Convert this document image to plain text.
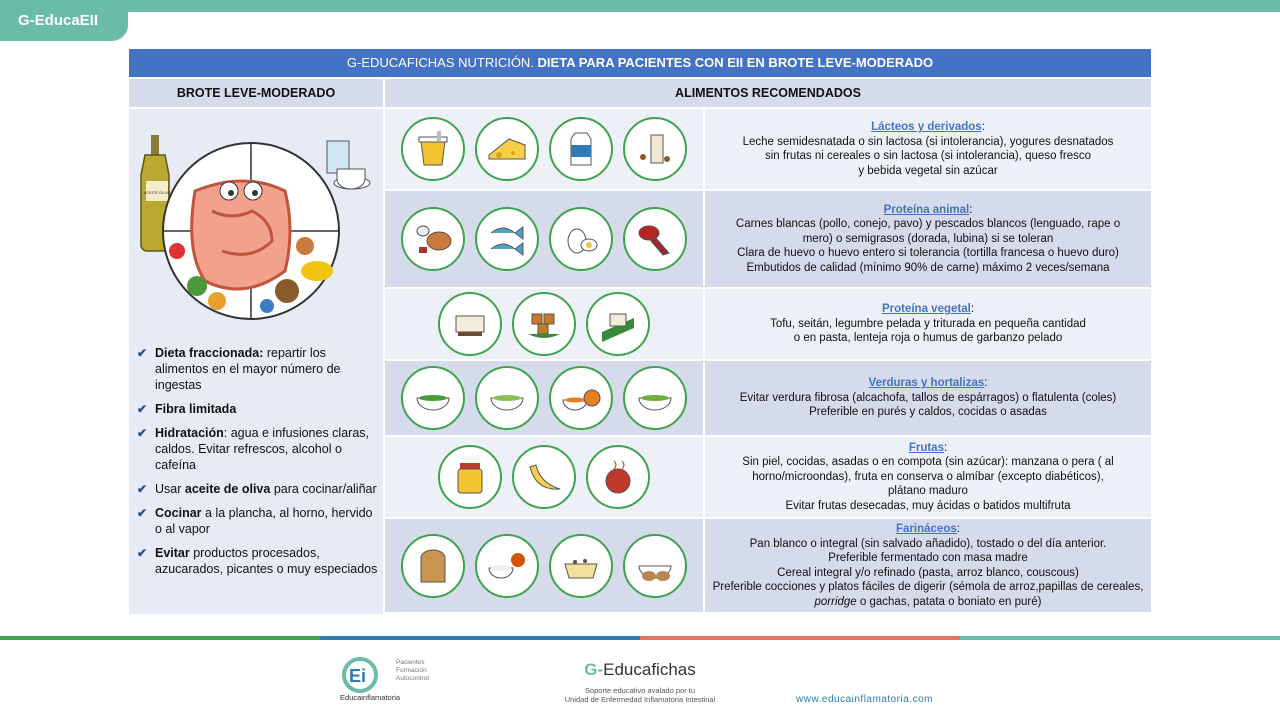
G-EducaEII
G-EDUCAFICHAS NUTRICIÓN. DIETA PARA PACIENTES CON EII EN BROTE LEVE-MODERADO
BROTE LEVE-MODERADO
ACEITE OLIVA
✔ Dieta fraccionada: repartir los alimentos en el mayor número de ingestas
✔ Fibra limitada
✔ Hidratación: agua e infusiones claras, caldos. Evitar refrescos, alcohol o cafeína
✔ Usar aceite de oliva para cocinar/aliñar
✔ Cocinar a la plancha, al horno, hervido o al vapor
✔ Evitar productos procesados, azucarados, picantes o muy especiados
ALIMENTOS RECOMENDADOS
Lácteos y derivados:
Leche semidesnatada o sin lactosa (si intolerancia), yogures desnatados
sin frutas ni cereales o sin lactosa (si intolerancia), queso fresco
y bebida vegetal sin azúcar
Proteína animal:
Carnes blancas (pollo, conejo, pavo) y pescados blancos (lenguado, rape o
mero) o semigrasos (dorada, lubina) si se toleran
Clara de huevo o huevo entero si tolerancia (tortilla francesa o huevo duro)
Embutidos de calidad (mínimo 90% de carne) máximo 2 veces/semana
Proteína vegetal:
Tofu, seitán, legumbre pelada y triturada en pequeña cantidad
o en pasta, lenteja roja o humus de garbanzo pelado
Verduras y hortalizas:
Evitar verdura fibrosa (alcachofa, tallos de espárragos) o flatulenta (coles)
Preferible en purés y caldos, cocidas o asadas
Frutas:
Sin piel, cocidas, asadas o en compota (sin azúcar): manzana o pera ( al
horno/microondas), fruta en conserva o almíbar (excepto diabéticos),
plátano maduro
Evitar frutas desecadas, muy ácidas o batidos multifruta
Farináceos:
Pan blanco o integral (sin salvado añadido), tostado o del día anterior.
Preferible fermentado con masa madre
Cereal integral y/o refinado (pasta, arroz blanco, couscous)
Preferible cocciones y platos fáciles de digerir (sémola de arroz,papillas de cereales, porridge o gachas, patata o boniato en puré)
Ei
Pacientes
Formación
Autocontrol
Educainflamatoria
G-Educafichas
Soporte educativo avalado por tu
Unidad de Enfermedad Inflamatoria Intestinal	www.educainflamatoria.com
